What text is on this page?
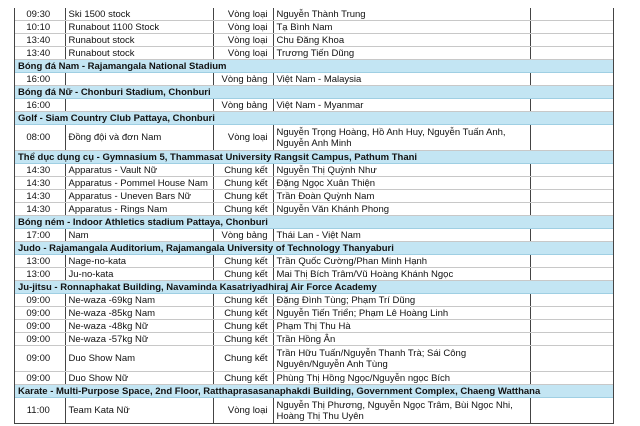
09:30	Ski 1500 stock	Vòng loại	Nguyễn Thành Trung	
10:10	Runabout 1100 Stock	Vòng loại	Tạ Bình Nam	
13:40	Runabout stock	Vòng loại	Chu Đăng Khoa	
13:40	Runabout stock	Vòng loại	Trương Tiến Dũng	
Bóng đá Nam - Rajamangala National Stadium				
16:00		Vòng bảng	Việt Nam - Malaysia	
Bóng đá Nữ - Chonburi Stadium, Chonburi				
16:00		Vòng bảng	Việt Nam - Myanmar	
Golf - Siam Country Club Pattaya, Chonburi				
08:00	Đồng đội và đơn Nam	Vòng loại	Nguyễn Trọng Hoàng, Hồ Anh Huy, Nguyễn Tuấn Anh, Nguyễn Anh Minh	
Thể dục dụng cụ - Gymnasium 5, Thammasat University Rangsit Campus, Pathum Thani				
14:30	Apparatus - Vault Nữ	Chung kết	Nguyễn Thị Quỳnh Như	
14:30	Apparatus - Pommel House Nam	Chung kết	Đặng Ngọc Xuân Thiện	
14:30	Apparatus - Uneven Bars Nữ	Chung kết	Trần Đoàn Quỳnh Nam	
14:30	Apparatus - Rings Nam	Chung kết	Nguyễn Văn Khánh Phong	
Bóng ném - Indoor Athletics stadium Pattaya, Chonburi				
17:00	Nam	Vòng bảng	Thái Lan - Việt Nam	
Judo - Rajamangala Auditorium, Rajamangala University of Technology Thanyaburi				
13:00	Nage-no-kata	Chung kết	Trần Quốc Cường/Phan Minh Hạnh	
13:00	Ju-no-kata	Chung kết	Mai Thị Bích Trâm/Vũ Hoàng Khánh Ngọc	
Ju-jitsu - Ronnaphakat Building, Navaminda Kasatriyadhiraj Air Force Academy				
09:00	Ne-waza -69kg Nam	Chung kết	Đặng Đình Tùng; Phạm Trí Dũng	
09:00	Ne-waza -85kg Nam	Chung kết	Nguyễn Tiến Triển; Phạm Lê Hoàng Linh	
09:00	Ne-waza -48kg Nữ	Chung kết	Phạm Thị Thu Hà	
09:00	Ne-waza -57kg Nữ	Chung kết	Trần Hồng Ân	
09:00	Duo Show Nam	Chung kết	Trần Hữu Tuấn/Nguyễn Thanh Trà; Sái Công Nguyên/Nguyễn Anh Tùng	
09:00	Duo Show Nữ	Chung kết	Phùng Thị Hồng Ngọc/Nguyễn ngọc Bích	
Karate - Multi-Purpose Space, 2nd Floor, Ratthaprasasanaphakdi Building, Government Complex, Chaeng Watthana				
11:00	Team Kata Nữ	Vòng loại	Nguyễn Thị Phương, Nguyễn Ngọc Trâm, Bùi Ngọc Nhi, Hoàng Thị Thu Uyên	
